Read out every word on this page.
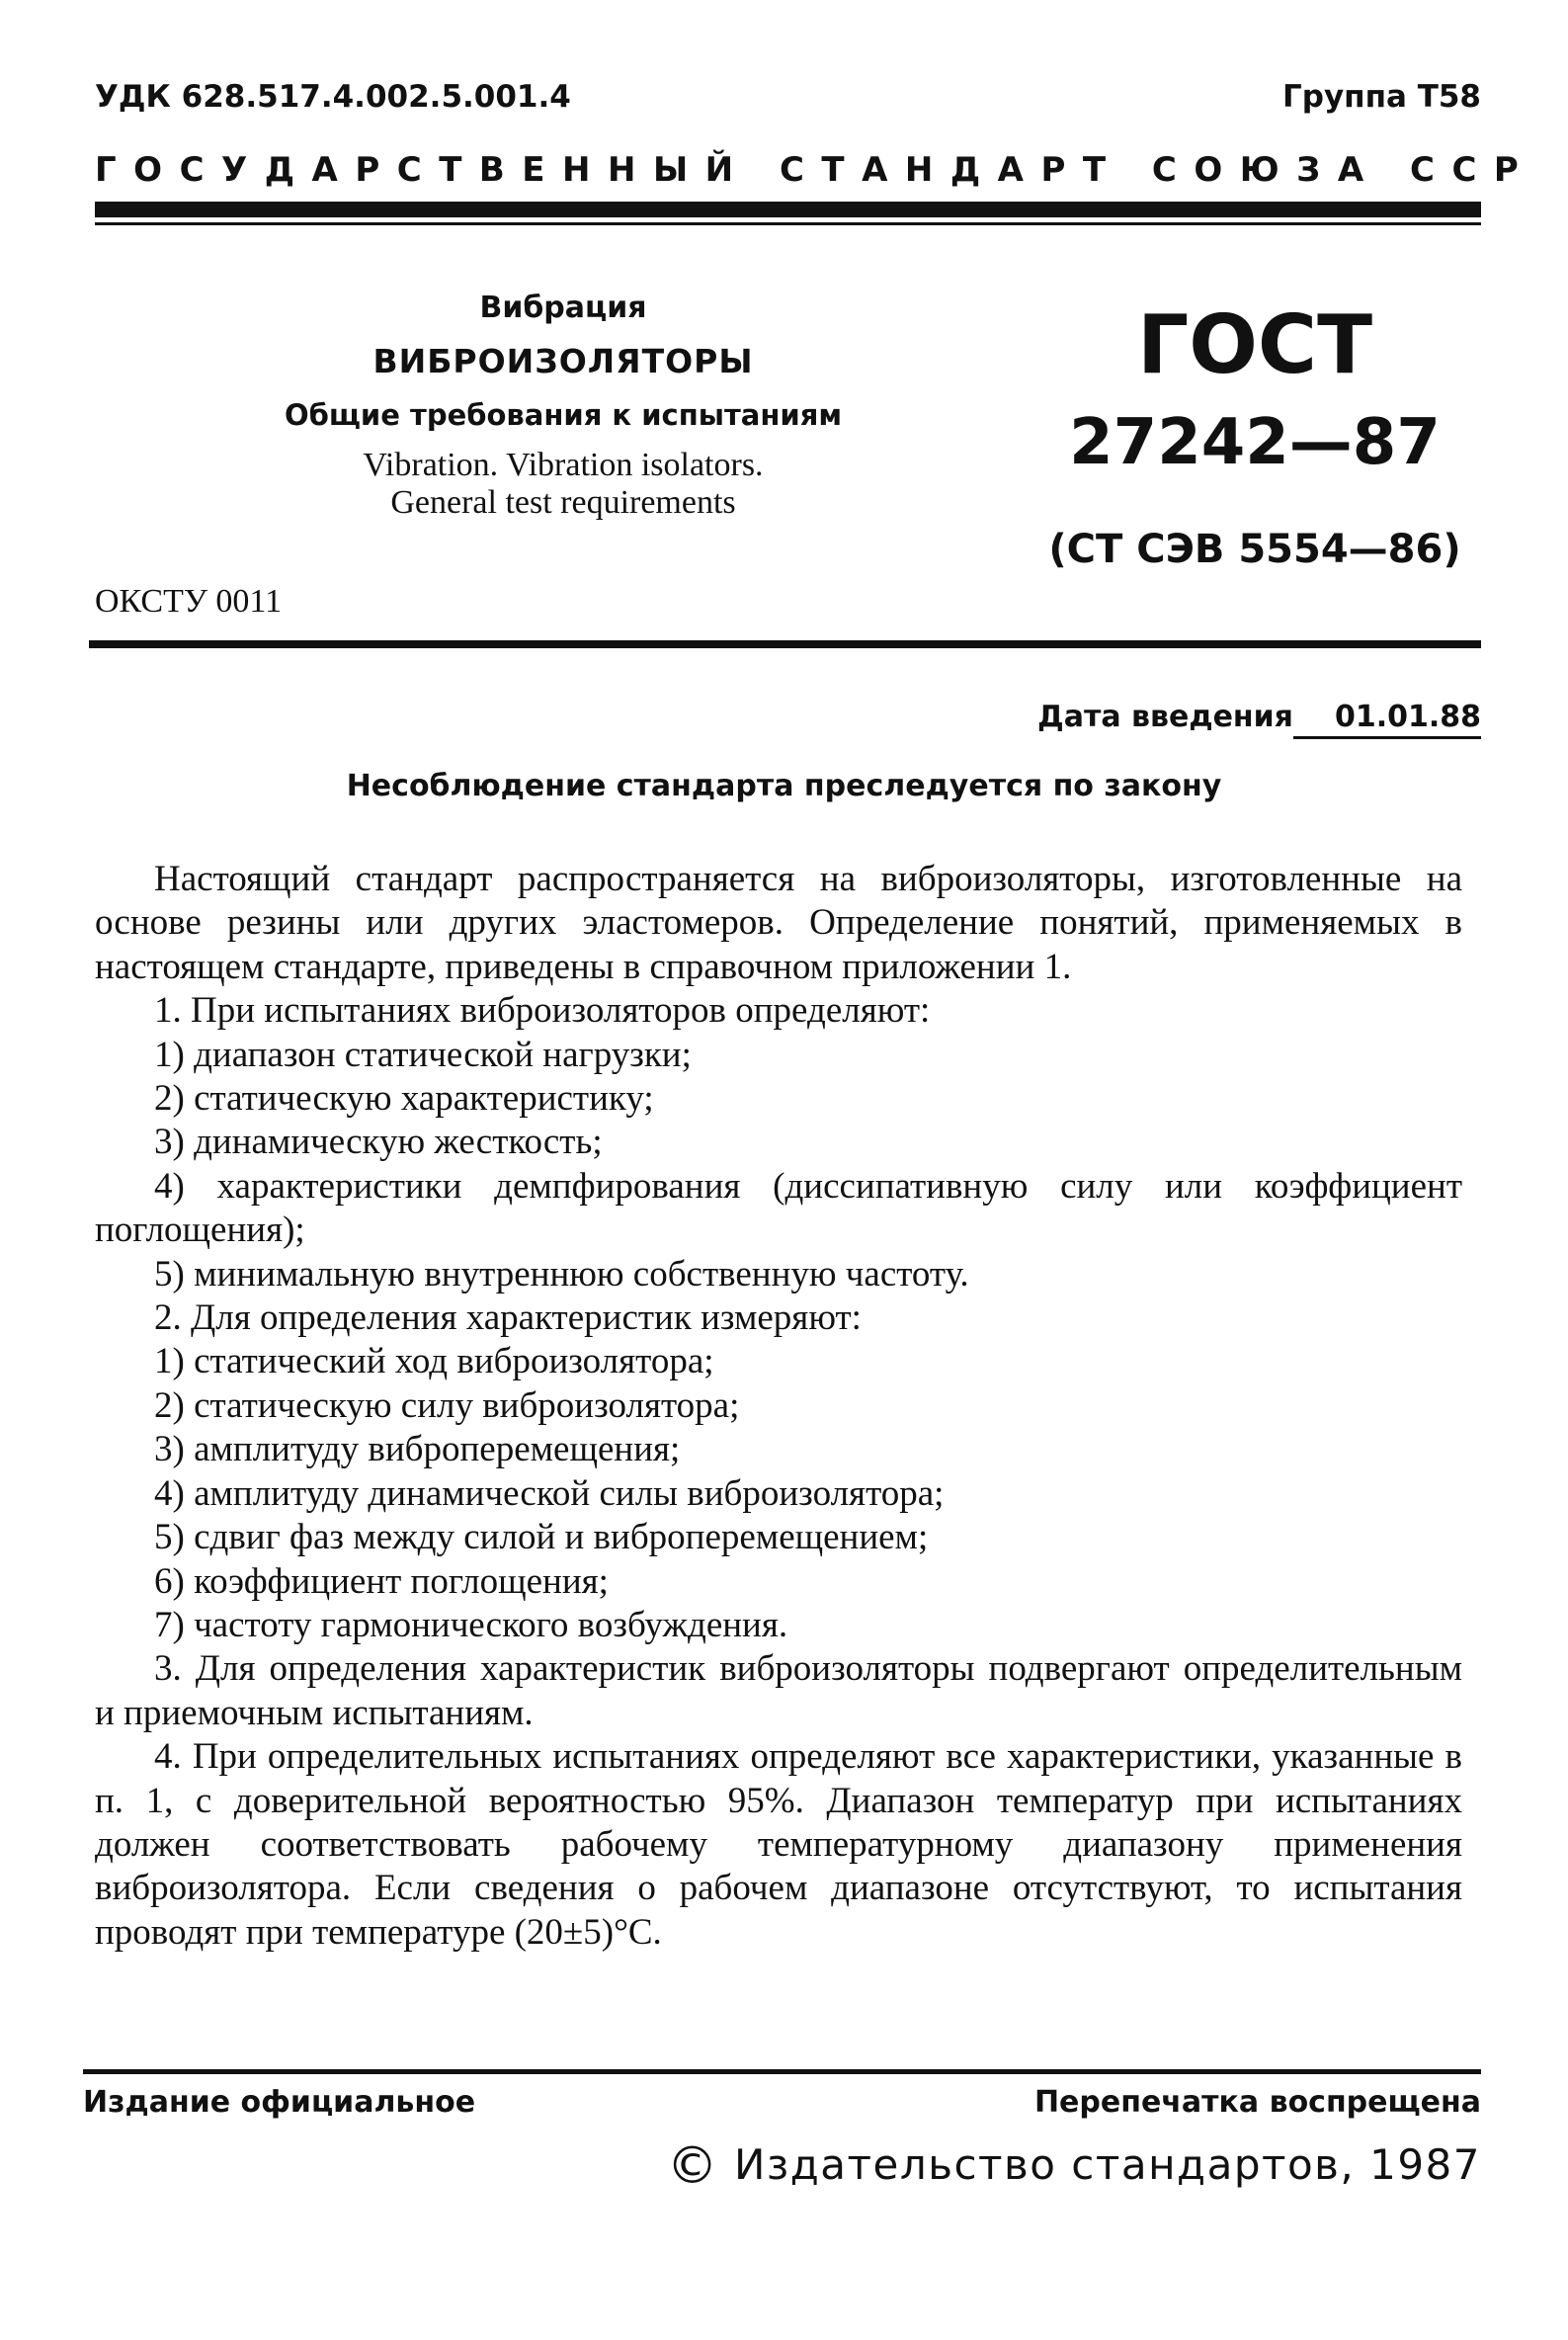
УДК 628.517.4.002.5.001.4	Группа Т58
ГОСУДАРСТВЕННЫЙ СТАНДАРТ СОЮЗА ССР
Вибрация
ВИБРОИЗОЛЯТОРЫ
Общие требования к испытаниям
Vibration. Vibration isolators.
General test requirements
ГОСТ
27242—87
(СТ СЭВ 5554—86)
ОКСТУ 0011
Дата введения 01.01.88
Несоблюдение стандарта преследуется по закону

Настоящий стандарт распространяется на виброизоляторы, изготовленные на основе резины или других эластомеров. Определение понятий, применяемых в настоящем стандарте, приведены в справочном приложении 1.

1. При испытаниях виброизоляторов определяют:

1) диапазон статической нагрузки;

2) статическую характеристику;

3) динамическую жесткость;

4) характеристики демпфирования (диссипативную силу или коэффициент поглощения);

5) минимальную внутреннюю собственную частоту.

2. Для определения характеристик измеряют:

1) статический ход виброизолятора;

2) статическую силу виброизолятора;

3) амплитуду виброперемещения;

4) амплитуду динамической силы виброизолятора;

5) сдвиг фаз между силой и виброперемещением;

6) коэффициент поглощения;

7) частоту гармонического возбуждения.

3. Для определения характеристик виброизоляторы подвергают определительным и приемочным испытаниям.

4. При определительных испытаниях определяют все характеристики, указанные в п. 1, с доверительной вероятностью 95%. Диапазон температур при испытаниях должен соответствовать рабочему температурному диапазону применения виброизолятора. Если сведения о рабочем диапазоне отсутствуют, то испытания проводят при температуре (20±5)°С.

Издание официальное	Перепечатка воспрещена
© Издательство стандартов, 1987
